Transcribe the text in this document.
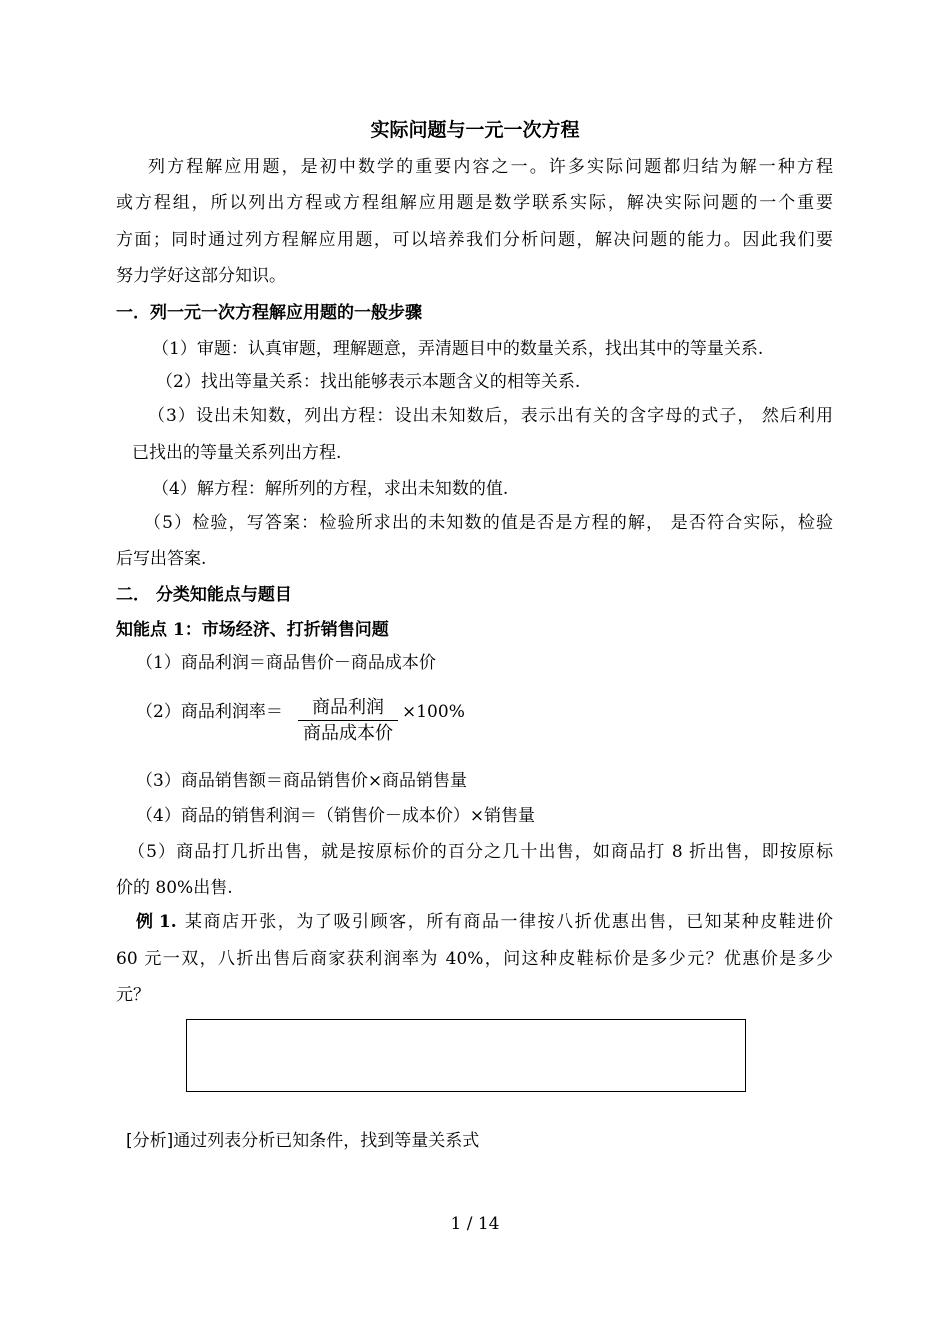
实际问题与一元一次方程
列方程解应用题，是初中数学的重要内容之一。许多实际问题都归结为解一种方程
或方程组，所以列出方程或方程组解应用题是数学联系实际，解决实际问题的一个重要
方面；同时通过列方程解应用题，可以培养我们分析问题，解决问题的能力。因此我们要
努力学好这部分知识。
一．列一元一次方程解应用题的一般步骤
（1）审题：认真审题，理解题意，弄清题目中的数量关系，找出其中的等量关系.
（2）找出等量关系：找出能够表示本题含义的相等关系.
（3）设出未知数，列出方程：设出未知数后，表示出有关的含字母的式子， 然后利用
已找出的等量关系列出方程.
（4）解方程：解所列的方程，求出未知数的值.
（5）检验，写答案：检验所求出的未知数的值是否是方程的解， 是否符合实际，检验
后写出答案.
二． 分类知能点与题目
知能点 1：市场经济、打折销售问题
（1）商品利润＝商品售价－商品成本价
（2）商品利润率＝	商品利润
商品成本价
×100%
（3）商品销售额＝商品销售价×商品销售量
（4）商品的销售利润＝（销售价－成本价）×销售量
（5）商品打几折出售，就是按原标价的百分之几十出售，如商品打 8 折出售，即按原标
价的 80%出售.
例 1. 某商店开张，为了吸引顾客，所有商品一律按八折优惠出售，已知某种皮鞋进价
60 元一双，八折出售后商家获利润率为 40%，问这种皮鞋标价是多少元？优惠价是多少
元？
[分析]通过列表分析已知条件，找到等量关系式
1 / 14
